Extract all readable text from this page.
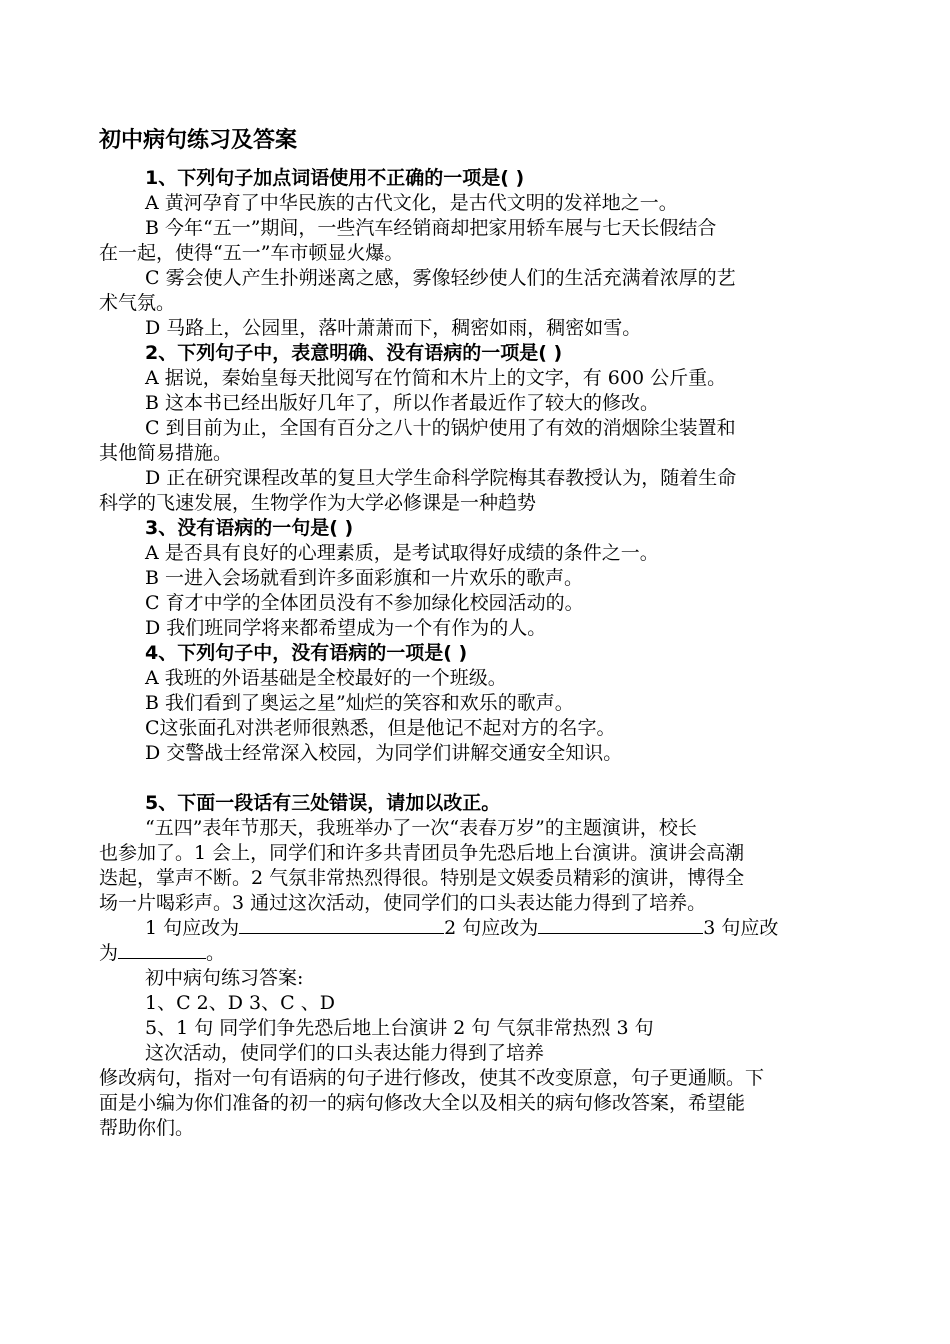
初中病句练习及答案
1、下列句子加点词语使用不正确的一项是( )
A 黄河孕育了中华民族的古代文化，是古代文明的发祥地之一。
B 今年“五一”期间，一些汽车经销商却把家用轿车展与七天长假结合
在一起，使得“五一”车市顿显火爆。
C 雾会使人产生扑朔迷离之感，雾像轻纱使人们的生活充满着浓厚的艺
术气氛。
D 马路上，公园里，落叶萧萧而下，稠密如雨，稠密如雪。
2、下列句子中，表意明确、没有语病的一项是( )
A 据说，秦始皇每天批阅写在竹简和木片上的文字，有 600 公斤重。
B 这本书已经出版好几年了，所以作者最近作了较大的修改。
C 到目前为止，全国有百分之八十的锅炉使用了有效的消烟除尘装置和
其他简易措施。
D 正在研究课程改革的复旦大学生命科学院梅其春教授认为，随着生命
科学的飞速发展，生物学作为大学必修课是一种趋势
3、没有语病的一句是( )
A 是否具有良好的心理素质，是考试取得好成绩的条件之一。
B 一进入会场就看到许多面彩旗和一片欢乐的歌声。
C 育才中学的全体团员没有不参加绿化校园活动的。
D 我们班同学将来都希望成为一个有作为的人。
4、下列句子中，没有语病的一项是( )
A 我班的外语基础是全校最好的一个班级。
B 我们看到了奥运之星”灿烂的笑容和欢乐的歌声。
C这张面孔对洪老师很熟悉，但是他记不起对方的名字。
D 交警战士经常深入校园，为同学们讲解交通安全知识。
5、下面一段话有三处错误，请加以改正。
“五四”表年节那天，我班举办了一次“表春万岁”的主题演讲，校长
也参加了。1 会上，同学们和许多共青团员争先恐后地上台演讲。演讲会高潮
迭起，掌声不断。2 气氛非常热烈得很。特别是文娱委员精彩的演讲，博得全
场一片喝彩声。3 通过这次活动，使同学们的口头表达能力得到了培养。
1 句应改为	2 句应改为	3 句应改
为	。
初中病句练习答案:
1、C 2、D 3、C 、D
5、1 句 同学们争先恐后地上台演讲 2 句 气氛非常热烈 3 句
这次活动，使同学们的口头表达能力得到了培养
修改病句，指对一句有语病的句子进行修改，使其不改变原意，句子更通顺。下
面是小编为你们准备的初一的病句修改大全以及相关的病句修改答案，希望能
帮助你们。
